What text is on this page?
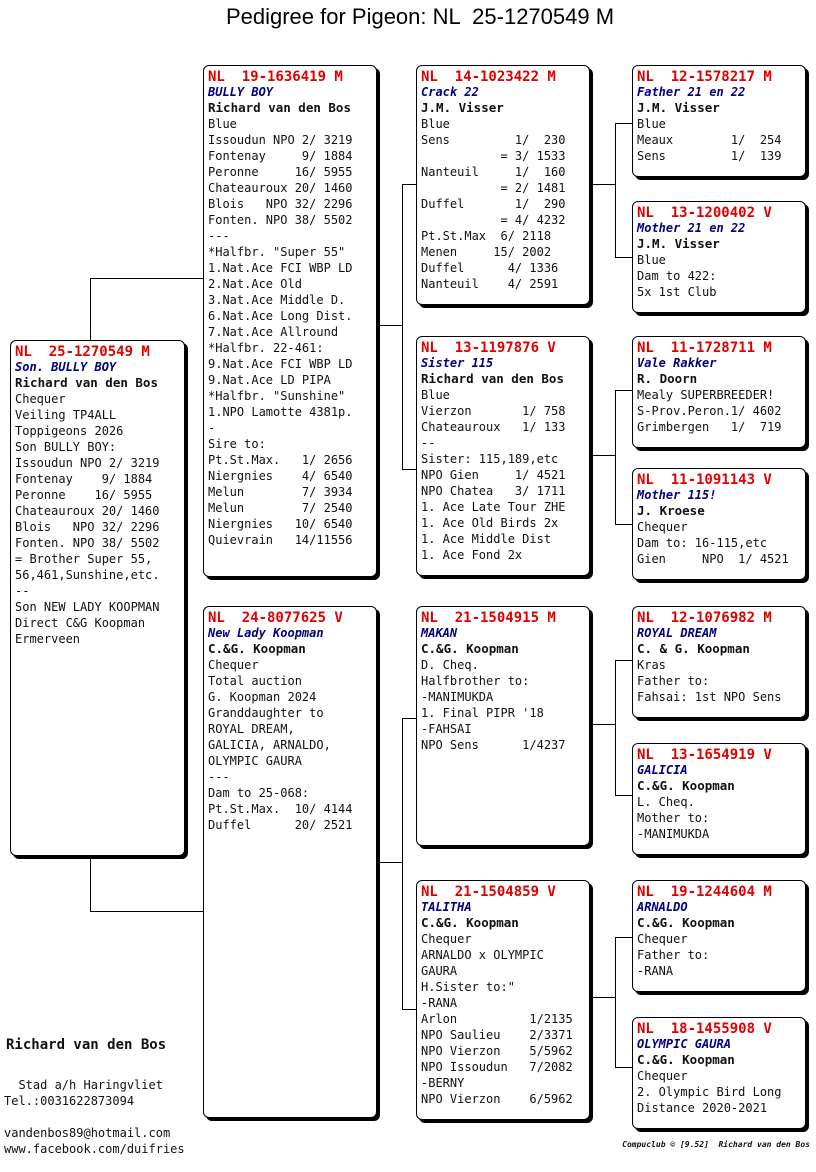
Pedigree for Pigeon: NL  25-1270549 M
NL  25-1270549 M
Son. BULLY BOY
Richard van den Bos
Chequer
Veiling TP4ALL
Toppigeons 2026
Son BULLY BOY:
Issoudun NPO 2/ 3219
Fontenay    9/ 1884
Peronne    16/ 5955
Chateauroux 20/ 1460
Blois   NPO 32/ 2296
Fonten. NPO 38/ 5502
= Brother Super 55,
56,461,Sunshine,etc.
--
Son NEW LADY KOOPMAN
Direct C&G Koopman
Ermerveen
NL  19-1636419 M
BULLY BOY
Richard van den Bos
Blue
Issoudun NPO 2/ 3219
Fontenay     9/ 1884
Peronne     16/ 5955
Chateauroux 20/ 1460
Blois   NPO 32/ 2296
Fonten. NPO 38/ 5502
---
*Halfbr. "Super 55"
1.Nat.Ace FCI WBP LD
2.Nat.Ace Old
3.Nat.Ace Middle D.
6.Nat.Ace Long Dist.
7.Nat.Ace Allround
*Halfbr. 22-461:
9.Nat.Ace FCI WBP LD
9.Nat.Ace LD PIPA
*Halfbr. "Sunshine"
1.NPO Lamotte 4381p.
-
Sire to:
Pt.St.Max.   1/ 2656
Niergnies    4/ 6540
Melun        7/ 3934
Melun        7/ 2540
Niergnies   10/ 6540
Quievrain   14/11556
NL  24-8077625 V
New Lady Koopman
C.&G. Koopman
Chequer
Total auction
G. Koopman 2024
Granddaughter to
ROYAL DREAM,
GALICIA, ARNALDO,
OLYMPIC GAURA
---
Dam to 25-068:
Pt.St.Max.  10/ 4144
Duffel      20/ 2521
NL  14-1023422 M
Crack 22
J.M. Visser
Blue
Sens         1/  230
= 3/ 1533
Nanteuil     1/  160
= 2/ 1481
Duffel       1/  290
= 4/ 4232
Pt.St.Max  6/ 2118
Menen     15/ 2002
Duffel      4/ 1336
Nanteuil    4/ 2591
NL  13-1197876 V
Sister 115
Richard van den Bos
Blue
Vierzon       1/ 758
Chateauroux   1/ 133
--
Sister: 115,189,etc
NPO Gien     1/ 4521
NPO Chatea   3/ 1711
1. Ace Late Tour ZHE
1. Ace Old Birds 2x
1. Ace Middle Dist
1. Ace Fond 2x
NL  21-1504915 M
MAKAN
C.&G. Koopman
D. Cheq.
Halfbrother to:
-MANIMUKDA
1. Final PIPR '18
-FAHSAI
NPO Sens      1/4237
NL  21-1504859 V
TALITHA
C.&G. Koopman
Chequer
ARNALDO x OLYMPIC
GAURA
H.Sister to:"
-RANA
Arlon          1/2135
NPO Saulieu    2/3371
NPO Vierzon    5/5962
NPO Issoudun   7/2082
-BERNY
NPO Vierzon    6/5962
NL  12-1578217 M
Father 21 en 22
J.M. Visser
Blue
Meaux        1/  254
Sens         1/  139
NL  13-1200402 V
Mother 21 en 22
J.M. Visser
Blue
Dam to 422:
5x 1st Club
NL  11-1728711 M
Vale Rakker
R. Doorn
Mealy SUPERBREEDER!
S-Prov.Peron.1/ 4602
Grimbergen   1/  719
NL  11-1091143 V
Mother 115!
J. Kroese
Chequer
Dam to: 16-115,etc
Gien     NPO  1/ 4521
NL  12-1076982 M
ROYAL DREAM
C. & G. Koopman
Kras
Father to:
Fahsai: 1st NPO Sens
NL  13-1654919 V
GALICIA
C.&G. Koopman
L. Cheq.
Mother to:
-MANIMUKDA
NL  19-1244604 M
ARNALDO
C.&G. Koopman
Chequer
Father to:
-RANA
NL  18-1455908 V
OLYMPIC GAURA
C.&G. Koopman
Chequer
2. Olympic Bird Long
Distance 2020-2021
Richard van den Bos
Stad a/h Haringvliet
Tel.:0031622873094
vandenbos89@hotmail.com
www.facebook.com/duifries	Compuclub © [9.52]  Richard van den Bos
